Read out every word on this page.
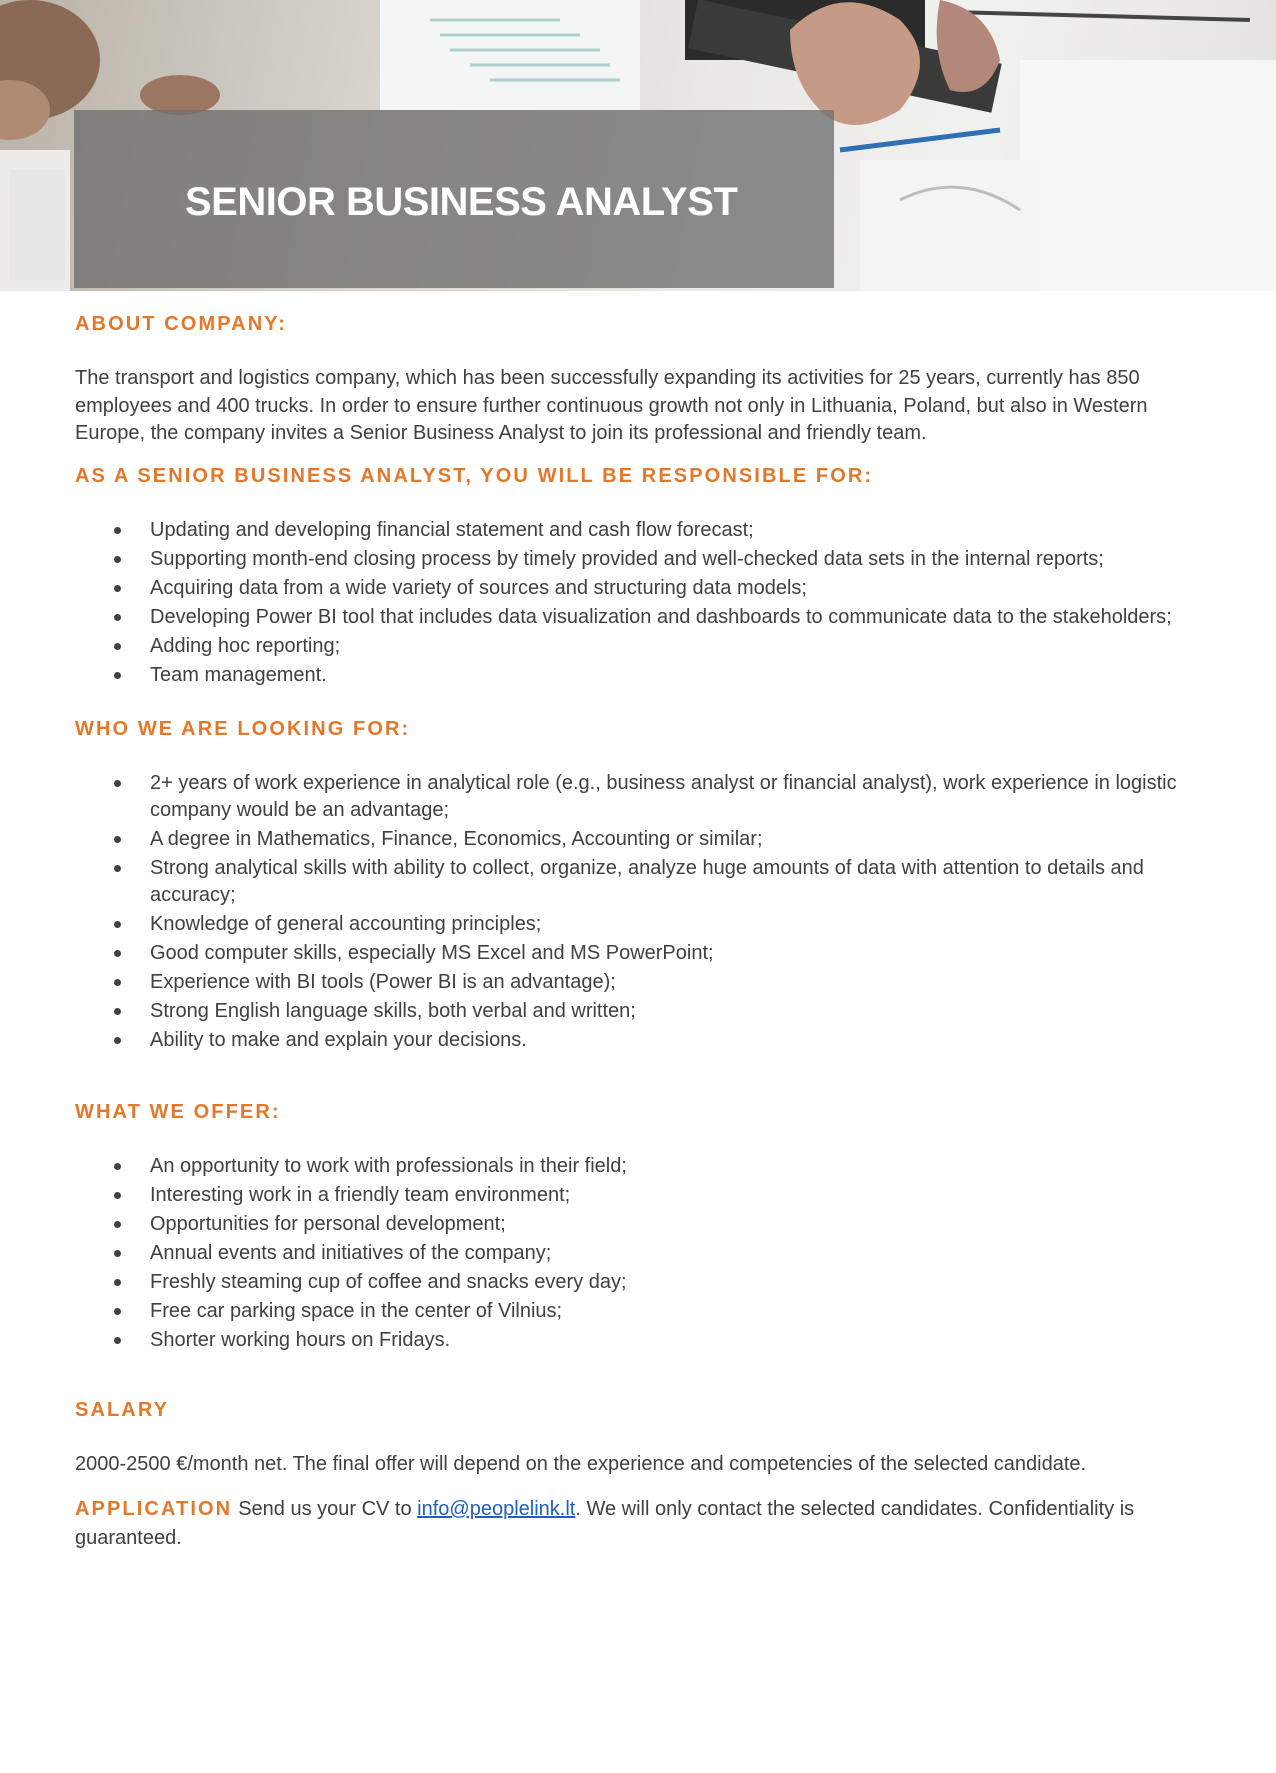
SENIOR BUSINESS ANALYST
ABOUT COMPANY:

The transport and logistics company, which has been successfully expanding its activities for 25 years, currently has 850 employees and 400 trucks. In order to ensure further continuous growth not only in Lithuania, Poland, but also in Western Europe, the company invites a Senior Business Analyst to join its professional and friendly team.

AS A SENIOR BUSINESS ANALYST, YOU WILL BE RESPONSIBLE FOR:
Updating and developing financial statement and cash flow forecast;
Supporting month-end closing process by timely provided and well-checked data sets in the internal reports;
Acquiring data from a wide variety of sources and structuring data models;
Developing Power BI tool that includes data visualization and dashboards to communicate data to the stakeholders;
Adding hoc reporting;
Team management.
WHO WE ARE LOOKING FOR:
2+ years of work experience in analytical role (e.g., business analyst or financial analyst), work experience in logistic company would be an advantage;
A degree in Mathematics, Finance, Economics, Accounting or similar;
Strong analytical skills with ability to collect, organize, analyze huge amounts of data with attention to details and accuracy;
Knowledge of general accounting principles;
Good computer skills, especially MS Excel and MS PowerPoint;
Experience with BI tools (Power BI is an advantage);
Strong English language skills, both verbal and written;
Ability to make and explain your decisions.
WHAT WE OFFER:
An opportunity to work with professionals in their field;
Interesting work in a friendly team environment;
Opportunities for personal development;
Annual events and initiatives of the company;
Freshly steaming cup of coffee and snacks every day;
Free car parking space in the center of Vilnius;
Shorter working hours on Fridays.
SALARY

2000-2500 €/month net. The final offer will depend on the experience and competencies of the selected candidate.

APPLICATION Send us your CV to info@peoplelink.lt. We will only contact the selected candidates. Confidentiality is guaranteed.
